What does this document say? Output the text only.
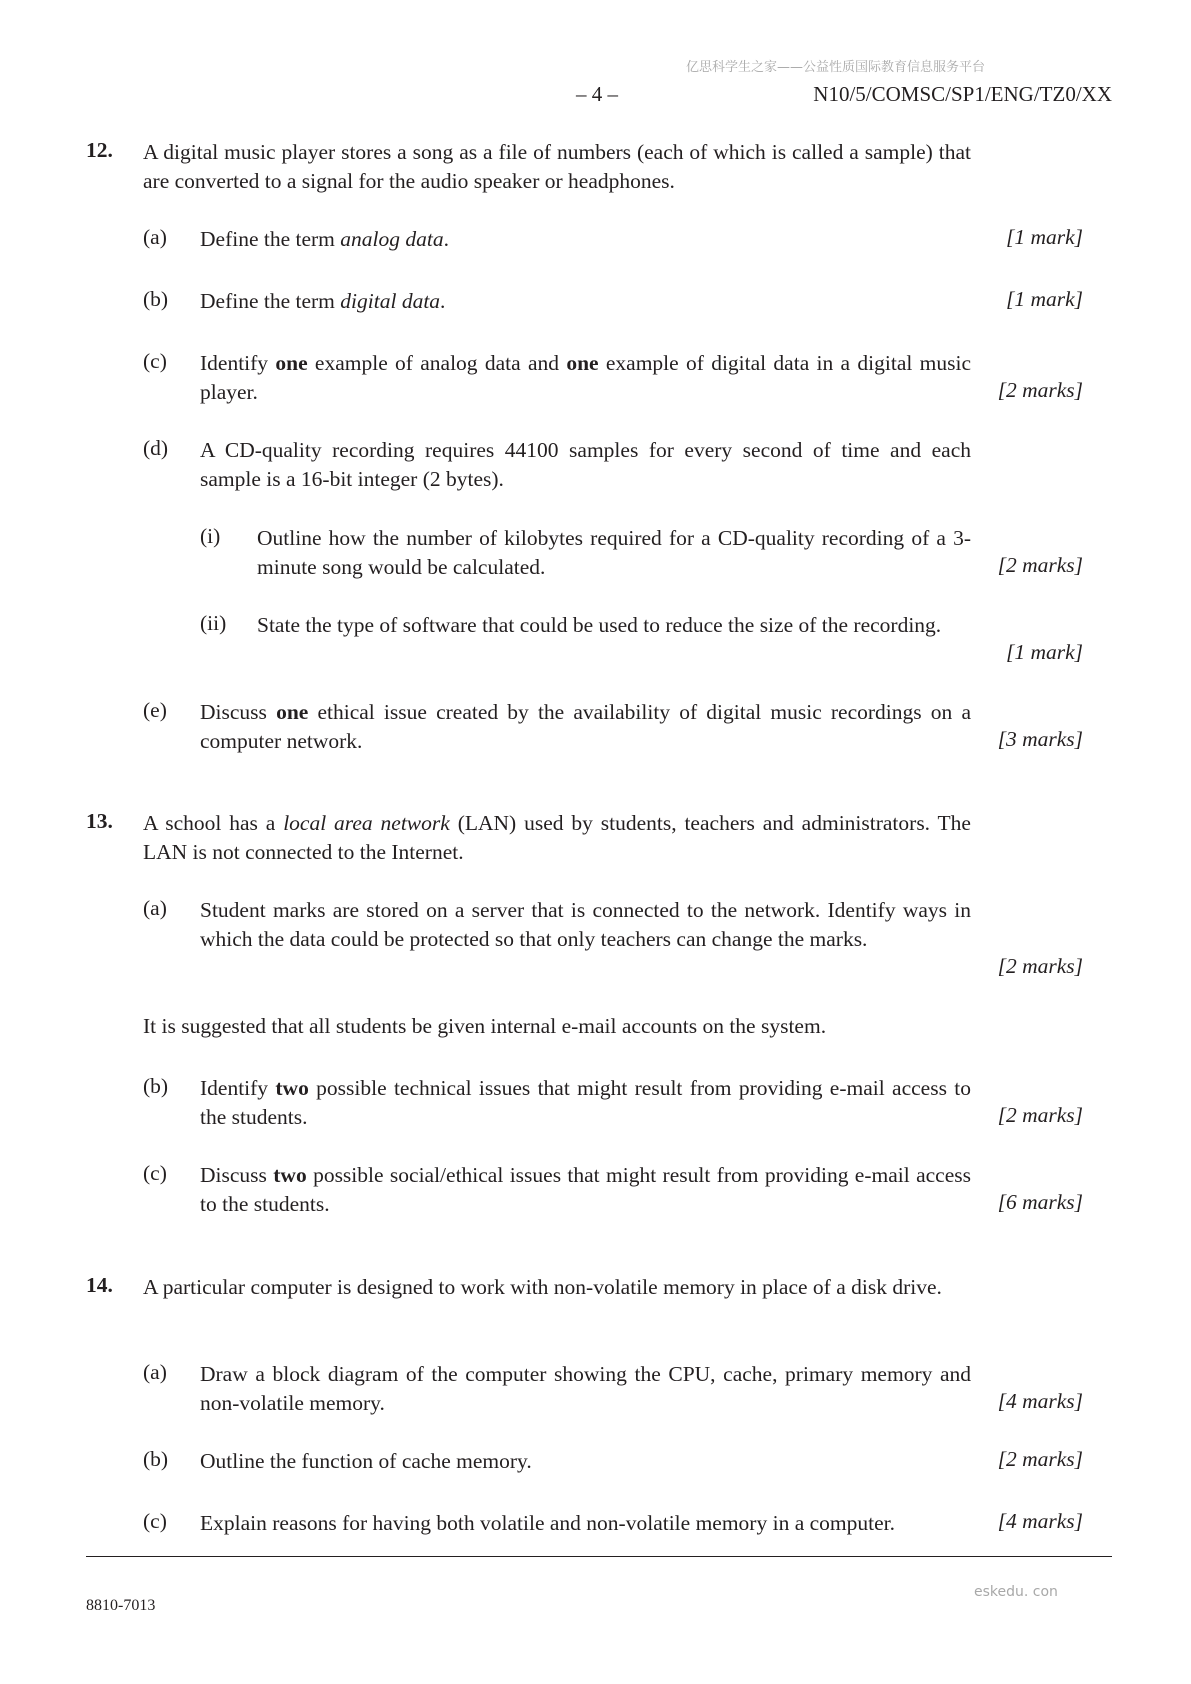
亿思科学生之家——公益性质国际教育信息服务平台
– 4 –	N10/5/COMSC/SP1/ENG/TZ0/XX
12. A digital music player stores a song as a file of numbers (each of which is called a sample) that are converted to a signal for the audio speaker or headphones.
(a) Define the term analog data.	[1 mark]
(b) Define the term digital data.	[1 mark]
(c) Identify one example of analog data and one example of digital data in a digital music player.	[2 marks]
(d) A CD-quality recording requires 44100 samples for every second of time and each sample is a 16-bit integer (2 bytes).
(i) Outline how the number of kilobytes required for a CD-quality recording of a 3-minute song would be calculated.	[2 marks]
(ii) State the type of software that could be used to reduce the size of the recording.
[1 mark]
(e) Discuss one ethical issue created by the availability of digital music recordings on a computer network.	[3 marks]
13. A school has a local area network (LAN) used by students, teachers and administrators. The LAN is not connected to the Internet.
(a) Student marks are stored on a server that is connected to the network. Identify ways in which the data could be protected so that only teachers can change the marks.
[2 marks]
It is suggested that all students be given internal e-mail accounts on the system.
(b) Identify two possible technical issues that might result from providing e-mail access to the students.	[2 marks]
(c) Discuss two possible social/ethical issues that might result from providing e-mail access to the students.	[6 marks]
14. A particular computer is designed to work with non-volatile memory in place of a disk drive.
(a) Draw a block diagram of the computer showing the CPU, cache, primary memory and non-volatile memory.	[4 marks]
(b) Outline the function of cache memory.	[2 marks]
(c) Explain reasons for having both volatile and non-volatile memory in a computer.	[4 marks]
8810-7013
eskedu. con
